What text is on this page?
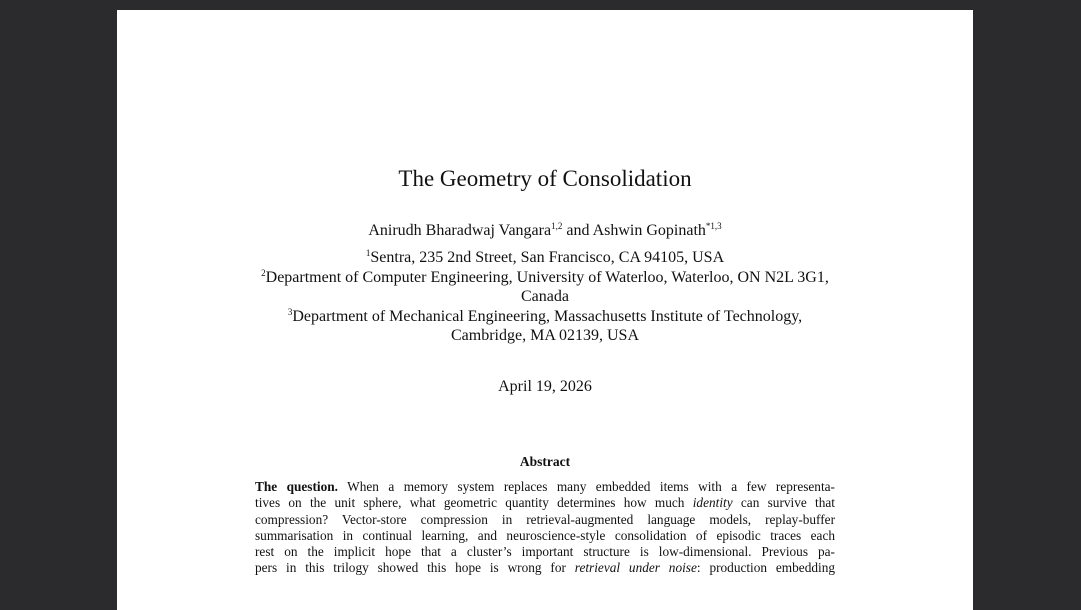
The Geometry of Consolidation
Anirudh Bharadwaj Vangara$^{1,2}$ and Ashwin Gopinath$^{*1,3}$
$^1$Sentra, 235 2nd Street, San Francisco, CA 94105, USA
$^2$Department of Computer Engineering, University of Waterloo, Waterloo, ON N2L 3G1,
Canada
$^3$Department of Mechanical Engineering, Massachusetts Institute of Technology,
Cambridge, MA 02139, USA
April 19, 2026
Abstract
The question. When a memory system replaces many embedded items with a few representa-
tives on the unit sphere, what geometric quantity determines how much identity can survive that
compression? Vector-store compression in retrieval-augmented language models, replay-buffer
summarisation in continual learning, and neuroscience-style consolidation of episodic traces each
rest on the implicit hope that a cluster’s important structure is low-dimensional. Previous pa-
pers in this trilogy showed this hope is wrong for retrieval under noise: production embedding
